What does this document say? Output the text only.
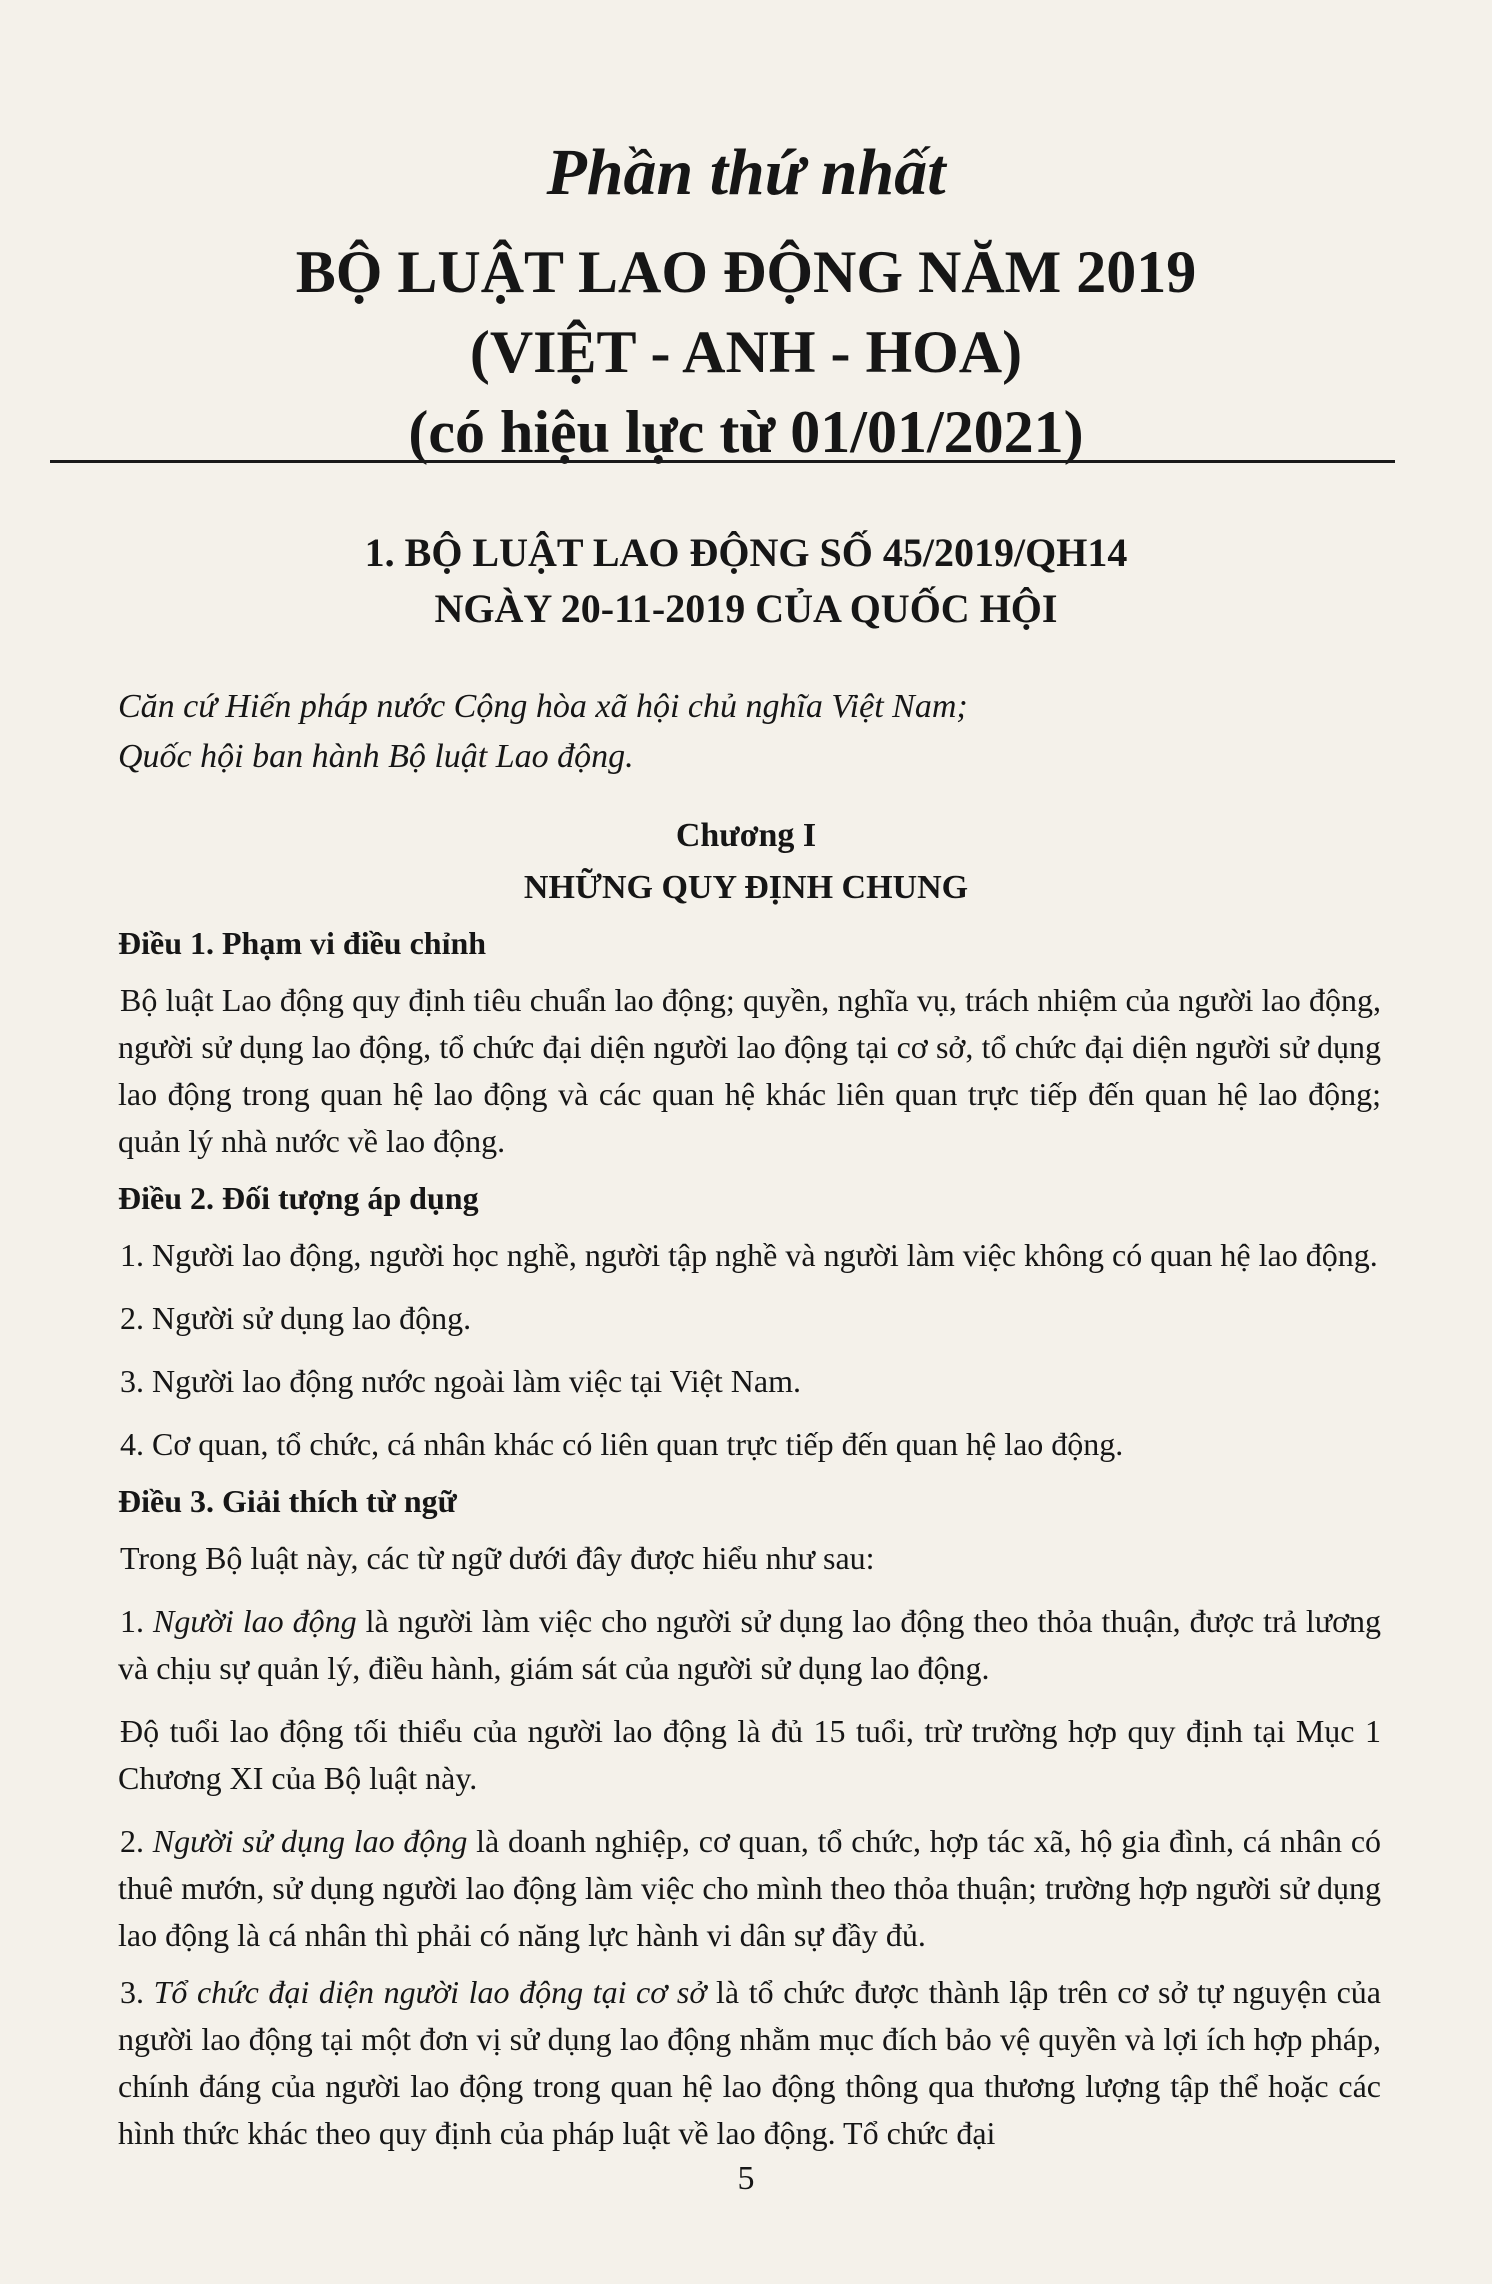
Phần thứ nhất
BỘ LUẬT LAO ĐỘNG NĂM 2019
(VIỆT - ANH - HOA)
(có hiệu lực từ 01/01/2021)
1. BỘ LUẬT LAO ĐỘNG SỐ 45/2019/QH14
NGÀY 20-11-2019 CỦA QUỐC HỘI
Căn cứ Hiến pháp nước Cộng hòa xã hội chủ nghĩa Việt Nam;
Quốc hội ban hành Bộ luật Lao động.
Chương I
NHỮNG QUY ĐỊNH CHUNG

Điều 1. Phạm vi điều chỉnh

Bộ luật Lao động quy định tiêu chuẩn lao động; quyền, nghĩa vụ, trách nhiệm của người lao động, người sử dụng lao động, tổ chức đại diện người lao động tại cơ sở, tổ chức đại diện người sử dụng lao động trong quan hệ lao động và các quan hệ khác liên quan trực tiếp đến quan hệ lao động; quản lý nhà nước về lao động.

Điều 2. Đối tượng áp dụng

1. Người lao động, người học nghề, người tập nghề và người làm việc không có quan hệ lao động.

2. Người sử dụng lao động.

3. Người lao động nước ngoài làm việc tại Việt Nam.

4. Cơ quan, tổ chức, cá nhân khác có liên quan trực tiếp đến quan hệ lao động.

Điều 3. Giải thích từ ngữ

Trong Bộ luật này, các từ ngữ dưới đây được hiểu như sau:

1. Người lao động là người làm việc cho người sử dụng lao động theo thỏa thuận, được trả lương và chịu sự quản lý, điều hành, giám sát của người sử dụng lao động.

Độ tuổi lao động tối thiểu của người lao động là đủ 15 tuổi, trừ trường hợp quy định tại Mục 1 Chương XI của Bộ luật này.

2. Người sử dụng lao động là doanh nghiệp, cơ quan, tổ chức, hợp tác xã, hộ gia đình, cá nhân có thuê mướn, sử dụng người lao động làm việc cho mình theo thỏa thuận; trường hợp người sử dụng lao động là cá nhân thì phải có năng lực hành vi dân sự đầy đủ.

3. Tổ chức đại diện người lao động tại cơ sở là tổ chức được thành lập trên cơ sở tự nguyện của người lao động tại một đơn vị sử dụng lao động nhằm mục đích bảo vệ quyền và lợi ích hợp pháp, chính đáng của người lao động trong quan hệ lao động thông qua thương lượng tập thể hoặc các hình thức khác theo quy định của pháp luật về lao động. Tổ chức đại

5
